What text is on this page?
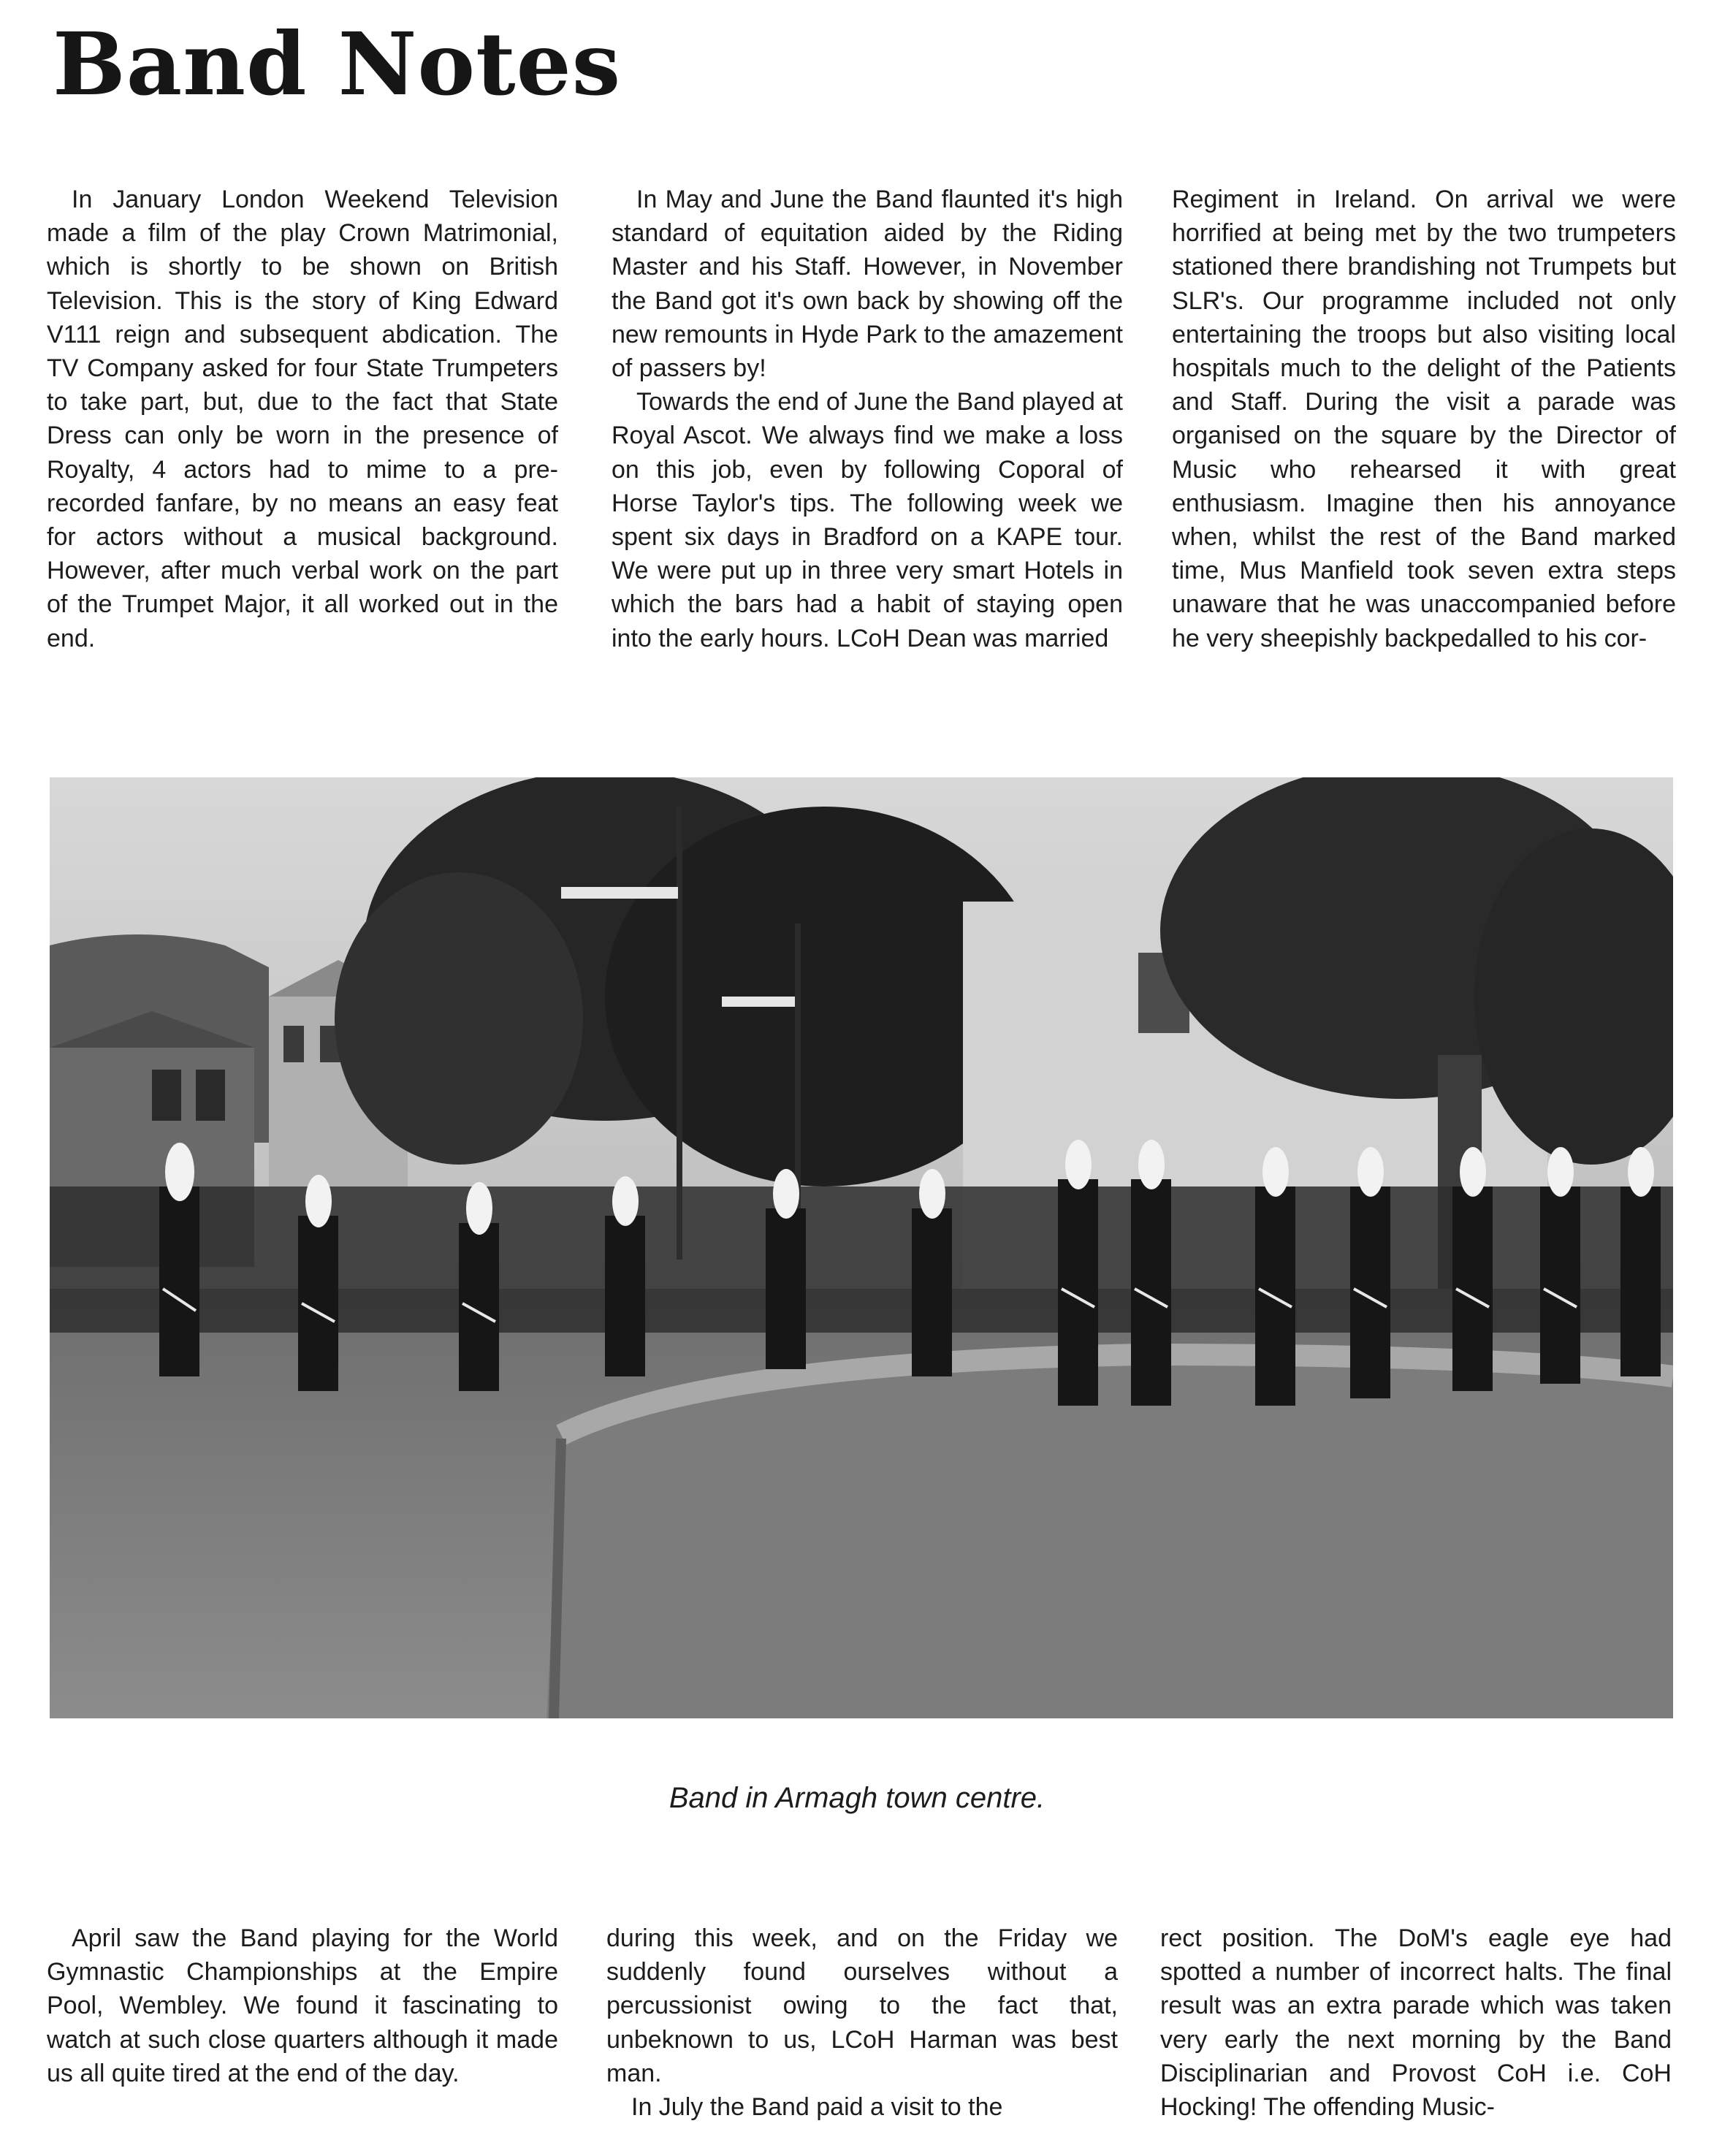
Band Notes

In January London Weekend Television made a film of the play Crown Matrimonial, which is shortly to be shown on British Television. This is the story of King Edward V111 reign and subsequent abdication. The TV Company asked for four State Trumpeters to take part, but, due to the fact that State Dress can only be worn in the presence of Royalty, 4 actors had to mime to a pre-recorded fanfare, by no means an easy feat for actors without a musical background. However, after much verbal work on the part of the Trumpet Major, it all worked out in the end.

In May and June the Band flaunted it's high standard of equitation aided by the Riding Master and his Staff. However, in November the Band got it's own back by showing off the new remounts in Hyde Park to the amazement of passers by!

Towards the end of June the Band played at Royal Ascot. We always find we make a loss on this job, even by following Coporal of Horse Taylor's tips. The following week we spent six days in Bradford on a KAPE tour. We were put up in three very smart Hotels in which the bars had a habit of staying open into the early hours. LCoH Dean was married

Regiment in Ireland. On arrival we were horrified at being met by the two trumpeters stationed there brandishing not Trumpets but SLR's. Our programme included not only entertaining the troops but also visiting local hospitals much to the delight of the Patients and Staff. During the visit a parade was organised on the square by the Director of Music who rehearsed it with great enthusiasm. Imagine then his annoyance when, whilst the rest of the Band marked time, Mus Manfield took seven extra steps unaware that he was unaccompanied before he very sheepishly backpedalled to his cor-

Band in Armagh town centre.

April saw the Band playing for the World Gymnastic Championships at the Empire Pool, Wembley. We found it fascinating to watch at such close quarters although it made us all quite tired at the end of the day.

during this week, and on the Friday we suddenly found ourselves without a percussionist owing to the fact that, unbeknown to us, LCoH Harman was best man.

In July the Band paid a visit to the

rect position. The DoM's eagle eye had spotted a number of incorrect halts. The final result was an extra parade which was taken very early the next morning by the Band Disciplinarian and Provost CoH i.e. CoH Hocking! The offending Music-
